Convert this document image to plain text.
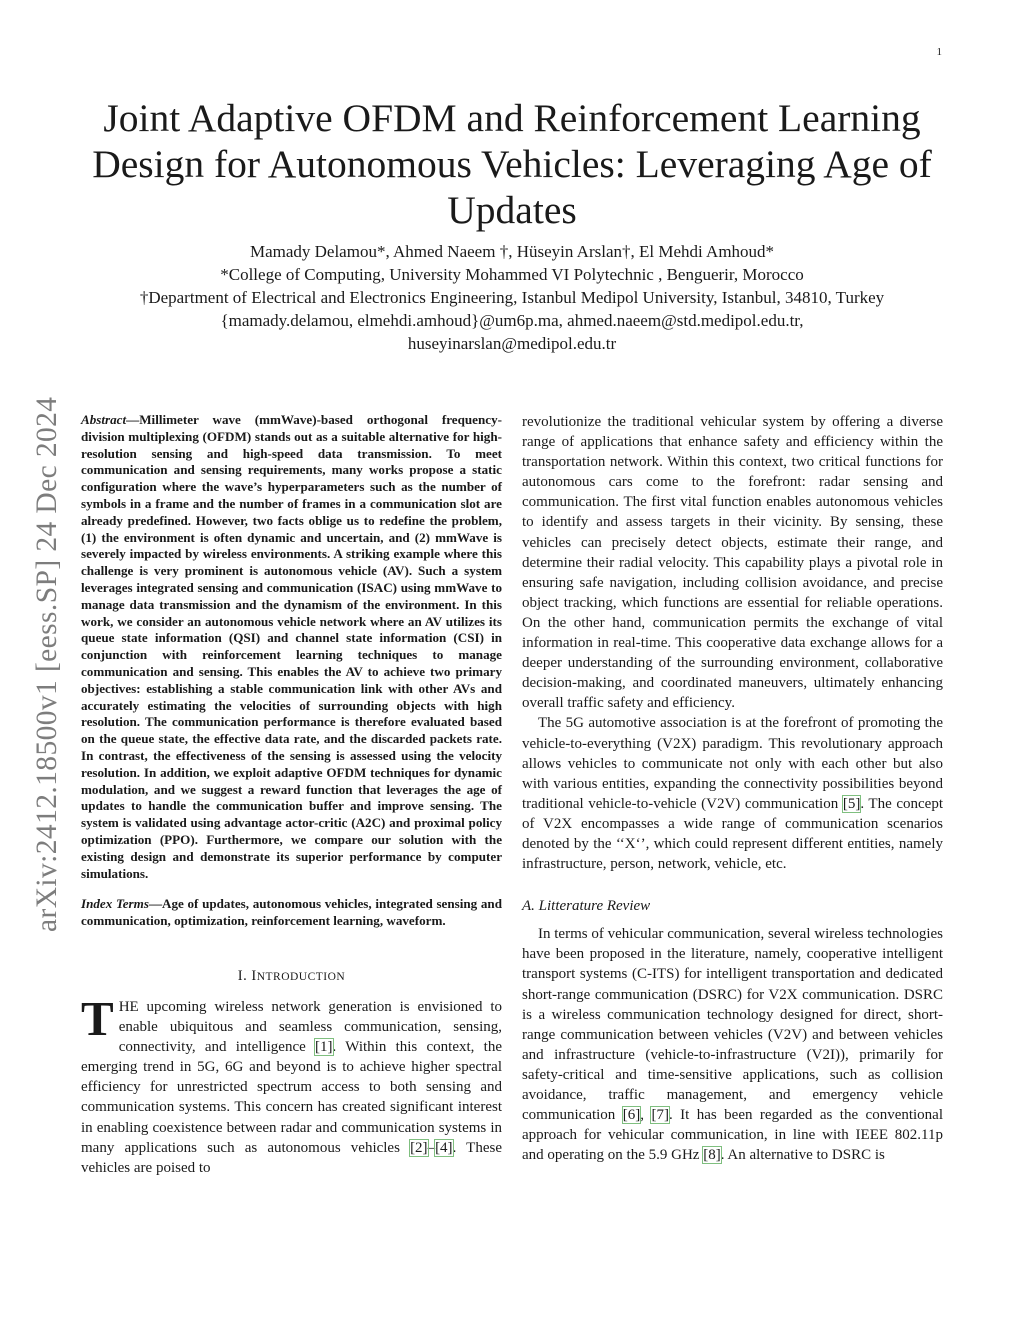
1
arXiv:2412.18500v1 [eess.SP] 24 Dec 2024
Joint Adaptive OFDM and Reinforcement Learning Design for Autonomous Vehicles: Leveraging Age of Updates
Mamady Delamou*, Ahmed Naeem †, Hüseyin Arslan†, El Mehdi Amhoud*
*College of Computing, University Mohammed VI Polytechnic , Benguerir, Morocco
†Department of Electrical and Electronics Engineering, Istanbul Medipol University, Istanbul, 34810, Turkey
{mamady.delamou, elmehdi.amhoud}@um6p.ma, ahmed.naeem@std.medipol.edu.tr,
huseyinarslan@medipol.edu.tr

Abstract—Millimeter wave (mmWave)-based orthogonal frequency-division multiplexing (OFDM) stands out as a suitable alternative for high-resolution sensing and high-speed data transmission. To meet communication and sensing requirements, many works propose a static configuration where the wave’s hyperparameters such as the number of symbols in a frame and the number of frames in a communication slot are already predefined. However, two facts oblige us to redefine the problem, (1) the environment is often dynamic and uncertain, and (2) mmWave is severely impacted by wireless environments. A striking example where this challenge is very prominent is autonomous vehicle (AV). Such a system leverages integrated sensing and communication (ISAC) using mmWave to manage data transmission and the dynamism of the environment. In this work, we consider an autonomous vehicle network where an AV utilizes its queue state information (QSI) and channel state information (CSI) in conjunction with reinforcement learning techniques to manage communication and sensing. This enables the AV to achieve two primary objectives: establishing a stable communication link with other AVs and accurately estimating the velocities of surrounding objects with high resolution. The communication performance is therefore evaluated based on the queue state, the effective data rate, and the discarded packets rate. In contrast, the effectiveness of the sensing is assessed using the velocity resolution. In addition, we exploit adaptive OFDM techniques for dynamic modulation, and we suggest a reward function that leverages the age of updates to handle the communication buffer and improve sensing. The system is validated using advantage actor-critic (A2C) and proximal policy optimization (PPO). Furthermore, we compare our solution with the existing design and demonstrate its superior performance by computer simulations.

Index Terms—Age of updates, autonomous vehicles, integrated sensing and communication, optimization, reinforcement learning, waveform.

I. INTRODUCTION

THE upcoming wireless network generation is envisioned to enable ubiquitous and seamless communication, sensing, connectivity, and intelligence [1]. Within this context, the emerging trend in 5G, 6G and beyond is to achieve higher spectral efficiency for unrestricted spectrum access to both sensing and communication systems. This concern has created significant interest in enabling coexistence between radar and communication systems in many applications such as autonomous vehicles [2]–[4]. These vehicles are poised to

revolutionize the traditional vehicular system by offering a diverse range of applications that enhance safety and efficiency within the transportation network. Within this context, two critical functions for autonomous cars come to the forefront: radar sensing and communication. The first vital function enables autonomous vehicles to identify and assess targets in their vicinity. By sensing, these vehicles can precisely detect objects, estimate their range, and determine their radial velocity. This capability plays a pivotal role in ensuring safe navigation, including collision avoidance, and precise object tracking, which functions are essential for reliable operations. On the other hand, communication permits the exchange of vital information in real-time. This cooperative data exchange allows for a deeper understanding of the surrounding environment, collaborative decision-making, and coordinated maneuvers, ultimately enhancing overall traffic safety and efficiency.

The 5G automotive association is at the forefront of promoting the vehicle-to-everything (V2X) paradigm. This revolutionary approach allows vehicles to communicate not only with each other but also with various entities, expanding the connectivity possibilities beyond traditional vehicle-to-vehicle (V2V) communication [5]. The concept of V2X encompasses a wide range of communication scenarios denoted by the ‘‘X‘’, which could represent different entities, namely infrastructure, person, network, vehicle, etc.

A. Litterature Review

In terms of vehicular communication, several wireless technologies have been proposed in the literature, namely, cooperative intelligent transport systems (C-ITS) for intelligent transportation and dedicated short-range communication (DSRC) for V2X communication. DSRC is a wireless communication technology designed for direct, short-range communication between vehicles (V2V) and between vehicles and infrastructure (vehicle-to-infrastructure (V2I)), primarily for safety-critical and time-sensitive applications, such as collision avoidance, traffic management, and emergency vehicle communication [6], [7]. It has been regarded as the conventional approach for vehicular communication, in line with IEEE 802.11p and operating on the 5.9 GHz [8]. An alternative to DSRC is
